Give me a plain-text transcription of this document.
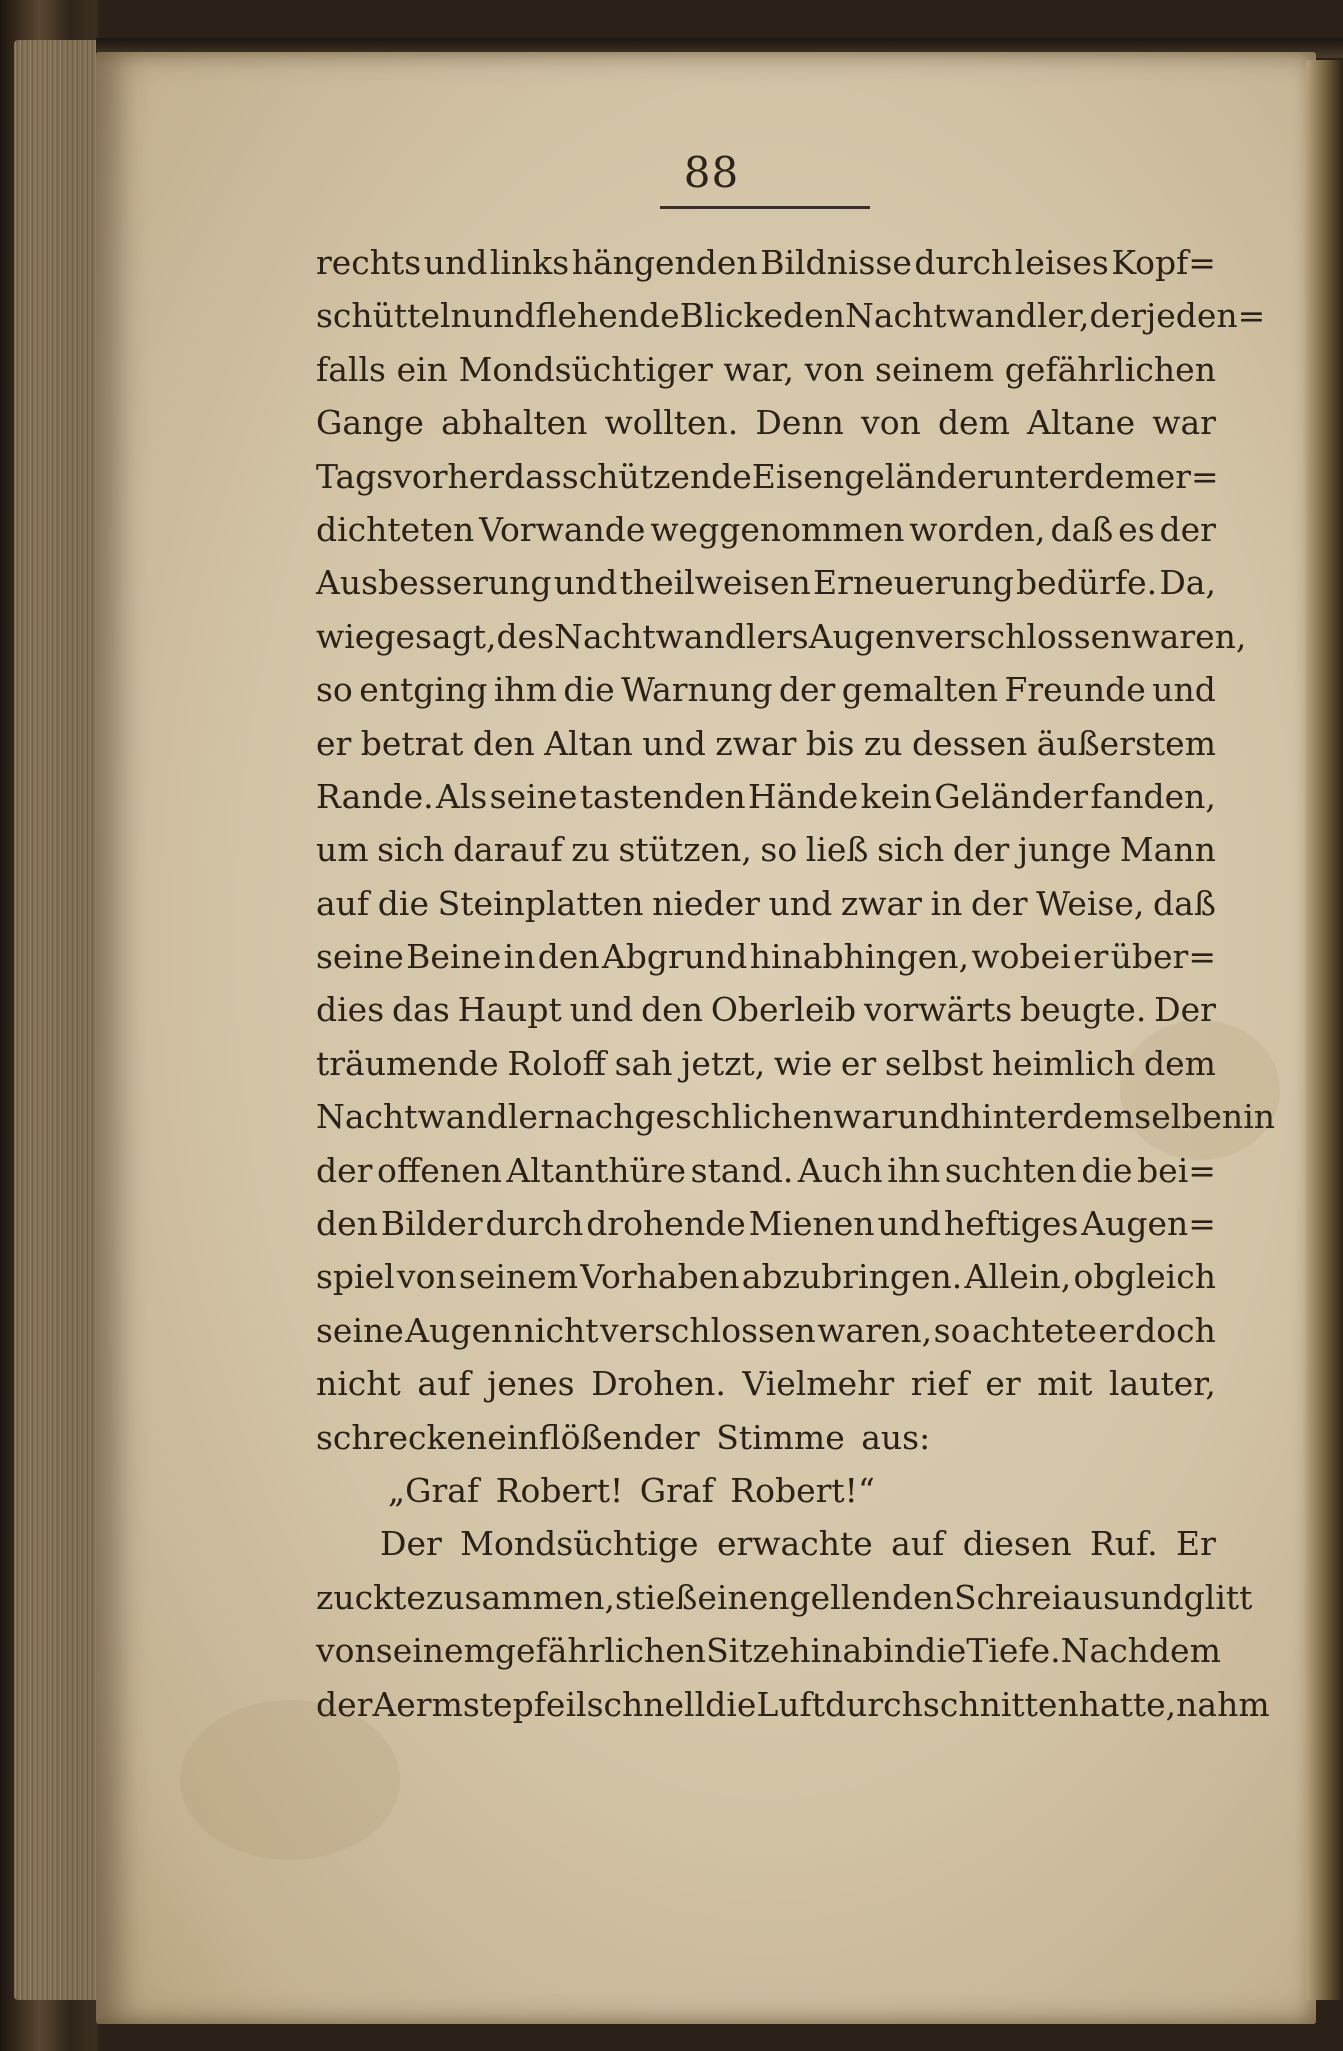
88
rechts und links hängenden Bildnisse durch leises Kopf=
schütteln und flehende Blicke den Nachtwandler, der jeden=
falls ein Mondsüchtiger war, von seinem gefährlichen
Gange abhalten wollten. Denn von dem Altane war
Tags vorher das schützende Eisengeländer unter dem er=
dichteten Vorwande weggenommen worden, daß es der
Ausbesserung und theilweisen Erneuerung bedürfe. Da,
wie gesagt, des Nachtwandlers Augen verschlossen waren,
so entging ihm die Warnung der gemalten Freunde und
er betrat den Altan und zwar bis zu dessen äußerstem
Rande. Als seine tastenden Hände kein Geländer fanden,
um sich darauf zu stützen, so ließ sich der junge Mann
auf die Steinplatten nieder und zwar in der Weise, daß
seine Beine in den Abgrund hinabhingen, wobei er über=
dies das Haupt und den Oberleib vorwärts beugte. Der
träumende Roloff sah jetzt, wie er selbst heimlich dem
Nachtwandler nachgeschlichen war und hinter demselben in
der offenen Altanthüre stand. Auch ihn suchten die bei=
den Bilder durch drohende Mienen und heftiges Augen=
spiel von seinem Vorhaben abzubringen. Allein, obgleich
seine Augen nicht verschlossen waren, so achtete er doch
nicht auf jenes Drohen. Vielmehr rief er mit lauter,
schreckeneinflößender Stimme aus:
„Graf Robert! Graf Robert!“
Der Mondsüchtige erwachte auf diesen Ruf. Er
zuckte zusammen, stieß einen gellenden Schrei aus und glitt
von seinem gefährlichen Sitze hinab in die Tiefe. Nachdem
der Aermste pfeilschnell die Luft durchschnitten hatte, nahm
